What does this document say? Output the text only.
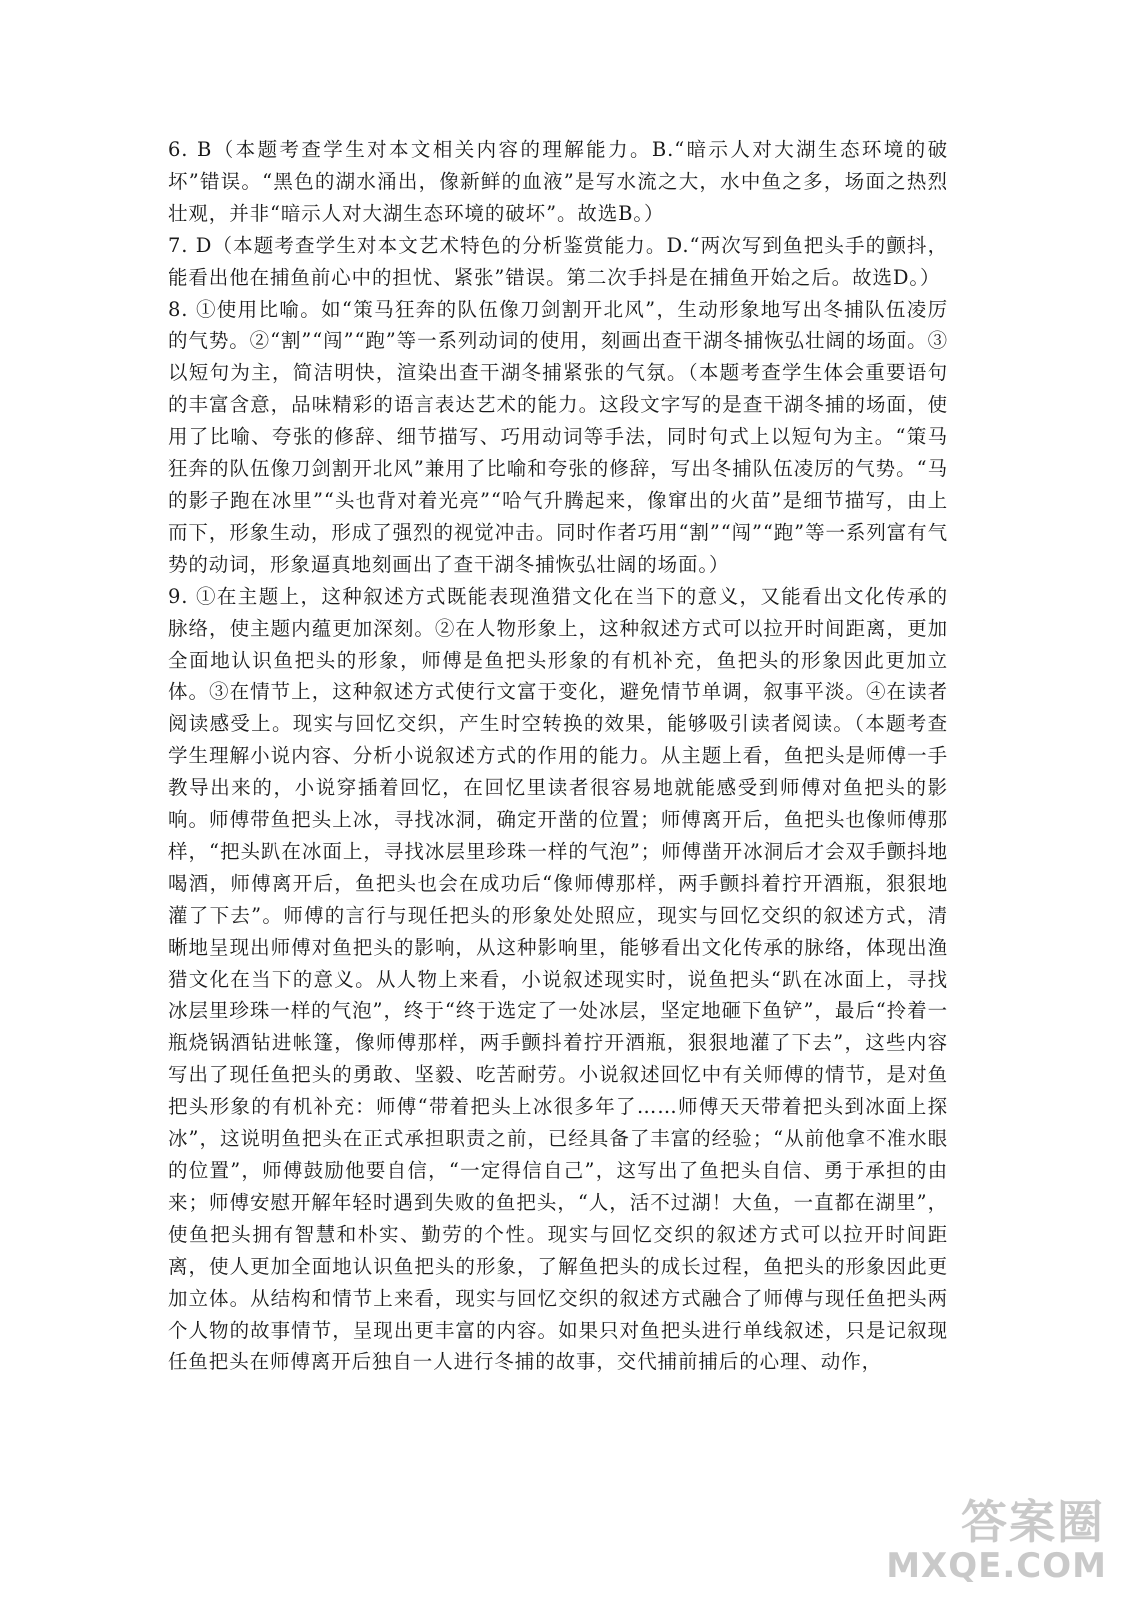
6. B（本题考查学生对本文相关内容的理解能力。B.“暗示人对大湖生态环境的破坏”错误。“黑色的湖水涌出，像新鲜的血液”是写水流之大，水中鱼之多，场面之热烈壮观，并非“暗示人对大湖生态环境的破坏”。故选B。）

7. D（本题考查学生对本文艺术特色的分析鉴赏能力。D.“两次写到鱼把头手的颤抖，能看出他在捕鱼前心中的担忧、紧张”错误。第二次手抖是在捕鱼开始之后。故选D。）

8. ①使用比喻。如“策马狂奔的队伍像刀剑割开北风”，生动形象地写出冬捕队伍凌厉的气势。②“割”“闯”“跑”等一系列动词的使用，刻画出查干湖冬捕恢弘壮阔的场面。③以短句为主，简洁明快，渲染出查干湖冬捕紧张的气氛。（本题考查学生体会重要语句的丰富含意，品味精彩的语言表达艺术的能力。这段文字写的是查干湖冬捕的场面，使用了比喻、夸张的修辞、细节描写、巧用动词等手法，同时句式上以短句为主。“策马狂奔的队伍像刀剑割开北风”兼用了比喻和夸张的修辞，写出冬捕队伍凌厉的气势。“马的影子跑在冰里”“头也背对着光亮”“哈气升腾起来，像窜出的火苗”是细节描写，由上而下，形象生动，形成了强烈的视觉冲击。同时作者巧用“割”“闯”“跑”等一系列富有气势的动词，形象逼真地刻画出了查干湖冬捕恢弘壮阔的场面。）

9. ①在主题上，这种叙述方式既能表现渔猎文化在当下的意义，又能看出文化传承的脉络，使主题内蕴更加深刻。②在人物形象上，这种叙述方式可以拉开时间距离，更加全面地认识鱼把头的形象，师傅是鱼把头形象的有机补充，鱼把头的形象因此更加立体。③在情节上，这种叙述方式使行文富于变化，避免情节单调，叙事平淡。④在读者阅读感受上。现实与回忆交织，产生时空转换的效果，能够吸引读者阅读。（本题考查学生理解小说内容、分析小说叙述方式的作用的能力。从主题上看，鱼把头是师傅一手教导出来的，小说穿插着回忆，在回忆里读者很容易地就能感受到师傅对鱼把头的影响。师傅带鱼把头上冰，寻找冰洞，确定开凿的位置；师傅离开后，鱼把头也像师傅那样，“把头趴在冰面上，寻找冰层里珍珠一样的气泡”；师傅凿开冰洞后才会双手颤抖地喝酒，师傅离开后，鱼把头也会在成功后“像师傅那样，两手颤抖着拧开酒瓶，狠狠地灌了下去”。师傅的言行与现任把头的形象处处照应，现实与回忆交织的叙述方式，清晰地呈现出师傅对鱼把头的影响，从这种影响里，能够看出文化传承的脉络，体现出渔猎文化在当下的意义。从人物上来看，小说叙述现实时，说鱼把头“趴在冰面上，寻找冰层里珍珠一样的气泡”，终于“终于选定了一处冰层，坚定地砸下鱼铲”，最后“拎着一瓶烧锅酒钻进帐篷，像师傅那样，两手颤抖着拧开酒瓶，狠狠地灌了下去”，这些内容写出了现任鱼把头的勇敢、坚毅、吃苦耐劳。小说叙述回忆中有关师傅的情节，是对鱼把头形象的有机补充：师傅“带着把头上冰很多年了……师傅天天带着把头到冰面上探冰”，这说明鱼把头在正式承担职责之前，已经具备了丰富的经验；“从前他拿不准水眼的位置”，师傅鼓励他要自信，“一定得信自己”，这写出了鱼把头自信、勇于承担的由来；师傅安慰开解年轻时遇到失败的鱼把头，“人，活不过湖！大鱼，一直都在湖里”，使鱼把头拥有智慧和朴实、勤劳的个性。现实与回忆交织的叙述方式可以拉开时间距离，使人更加全面地认识鱼把头的形象，了解鱼把头的成长过程，鱼把头的形象因此更加立体。从结构和情节上来看，现实与回忆交织的叙述方式融合了师傅与现任鱼把头两个人物的故事情节，呈现出更丰富的内容。如果只对鱼把头进行单线叙述，只是记叙现任鱼把头在师傅离开后独自一人进行冬捕的故事，交代捕前捕后的心理、动作，

答案圈
MXQE.COM
